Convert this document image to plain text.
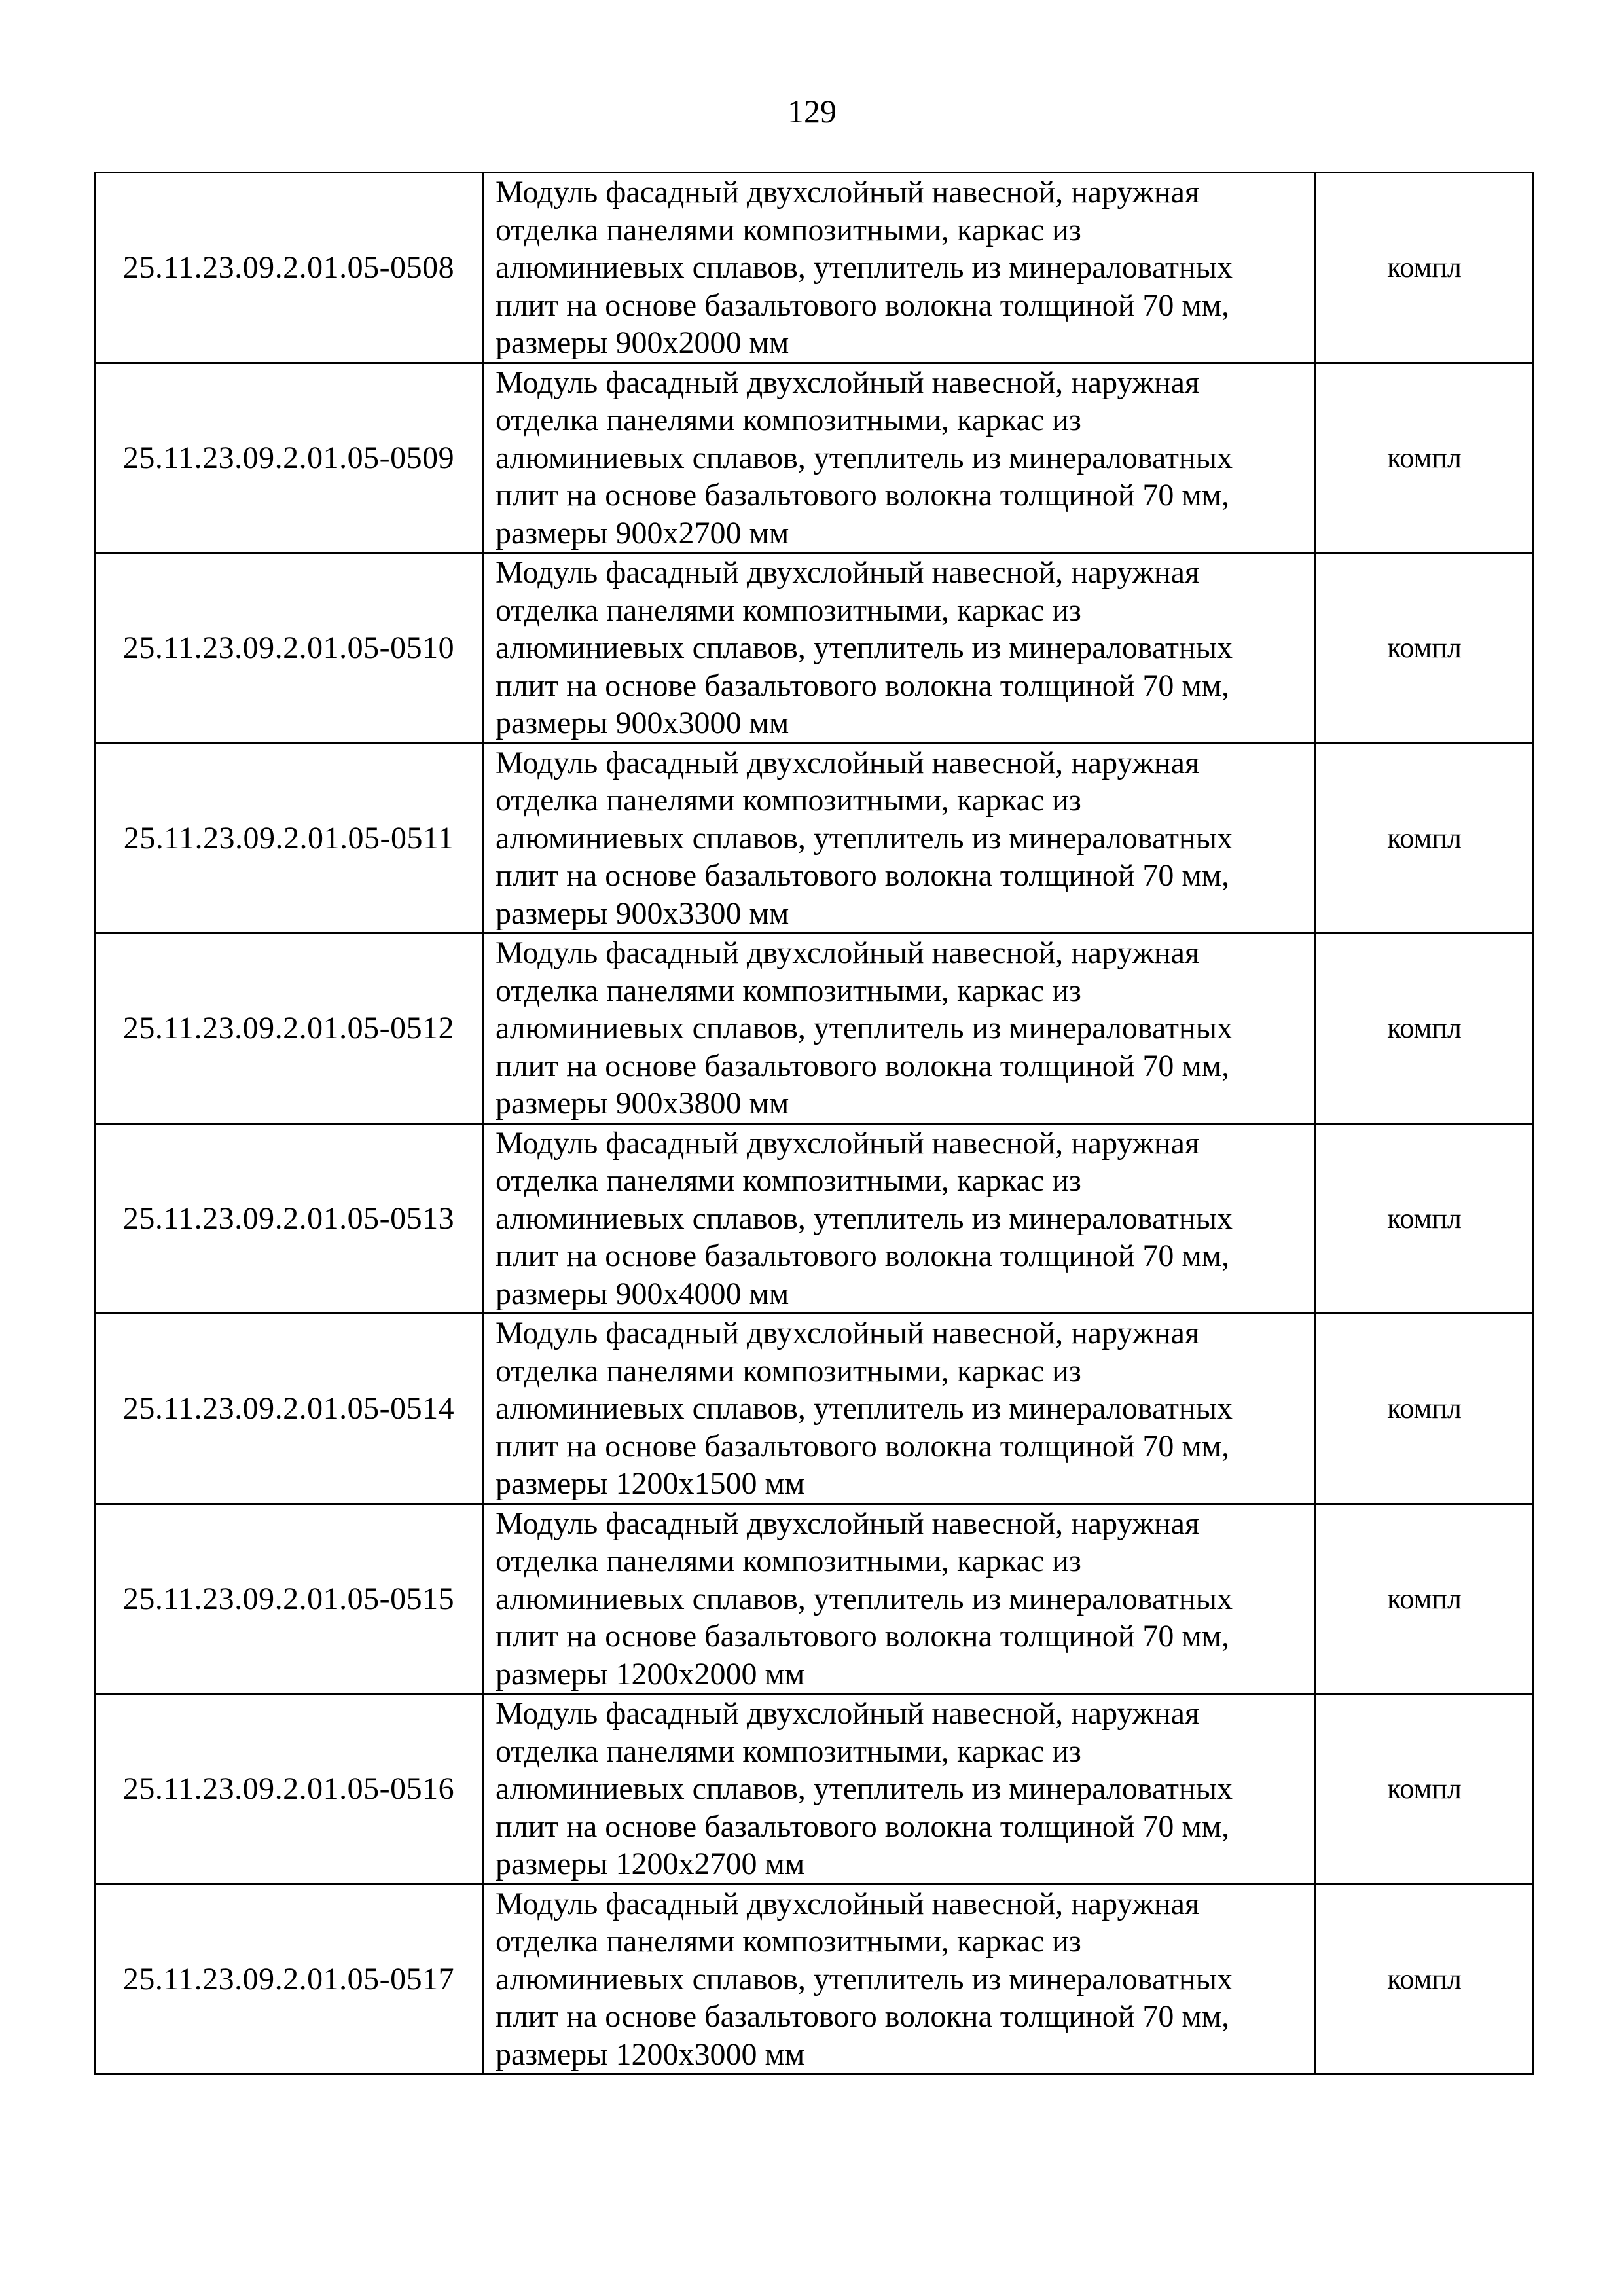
129
25.11.23.09.2.01.05-0508	Модуль фасадный двухслойный навесной, наружная
отделка панелями композитными, каркас из
алюминиевых сплавов, утеплитель из минераловатных
плит на основе базальтового волокна толщиной 70 мм,
размеры 900х2000 мм	компл
25.11.23.09.2.01.05-0509	Модуль фасадный двухслойный навесной, наружная
отделка панелями композитными, каркас из
алюминиевых сплавов, утеплитель из минераловатных
плит на основе базальтового волокна толщиной 70 мм,
размеры 900х2700 мм	компл
25.11.23.09.2.01.05-0510	Модуль фасадный двухслойный навесной, наружная
отделка панелями композитными, каркас из
алюминиевых сплавов, утеплитель из минераловатных
плит на основе базальтового волокна толщиной 70 мм,
размеры 900х3000 мм	компл
25.11.23.09.2.01.05-0511	Модуль фасадный двухслойный навесной, наружная
отделка панелями композитными, каркас из
алюминиевых сплавов, утеплитель из минераловатных
плит на основе базальтового волокна толщиной 70 мм,
размеры 900х3300 мм	компл
25.11.23.09.2.01.05-0512	Модуль фасадный двухслойный навесной, наружная
отделка панелями композитными, каркас из
алюминиевых сплавов, утеплитель из минераловатных
плит на основе базальтового волокна толщиной 70 мм,
размеры 900х3800 мм	компл
25.11.23.09.2.01.05-0513	Модуль фасадный двухслойный навесной, наружная
отделка панелями композитными, каркас из
алюминиевых сплавов, утеплитель из минераловатных
плит на основе базальтового волокна толщиной 70 мм,
размеры 900х4000 мм	компл
25.11.23.09.2.01.05-0514	Модуль фасадный двухслойный навесной, наружная
отделка панелями композитными, каркас из
алюминиевых сплавов, утеплитель из минераловатных
плит на основе базальтового волокна толщиной 70 мм,
размеры 1200х1500 мм	компл
25.11.23.09.2.01.05-0515	Модуль фасадный двухслойный навесной, наружная
отделка панелями композитными, каркас из
алюминиевых сплавов, утеплитель из минераловатных
плит на основе базальтового волокна толщиной 70 мм,
размеры 1200х2000 мм	компл
25.11.23.09.2.01.05-0516	Модуль фасадный двухслойный навесной, наружная
отделка панелями композитными, каркас из
алюминиевых сплавов, утеплитель из минераловатных
плит на основе базальтового волокна толщиной 70 мм,
размеры 1200х2700 мм	компл
25.11.23.09.2.01.05-0517	Модуль фасадный двухслойный навесной, наружная
отделка панелями композитными, каркас из
алюминиевых сплавов, утеплитель из минераловатных
плит на основе базальтового волокна толщиной 70 мм,
размеры 1200х3000 мм	компл
